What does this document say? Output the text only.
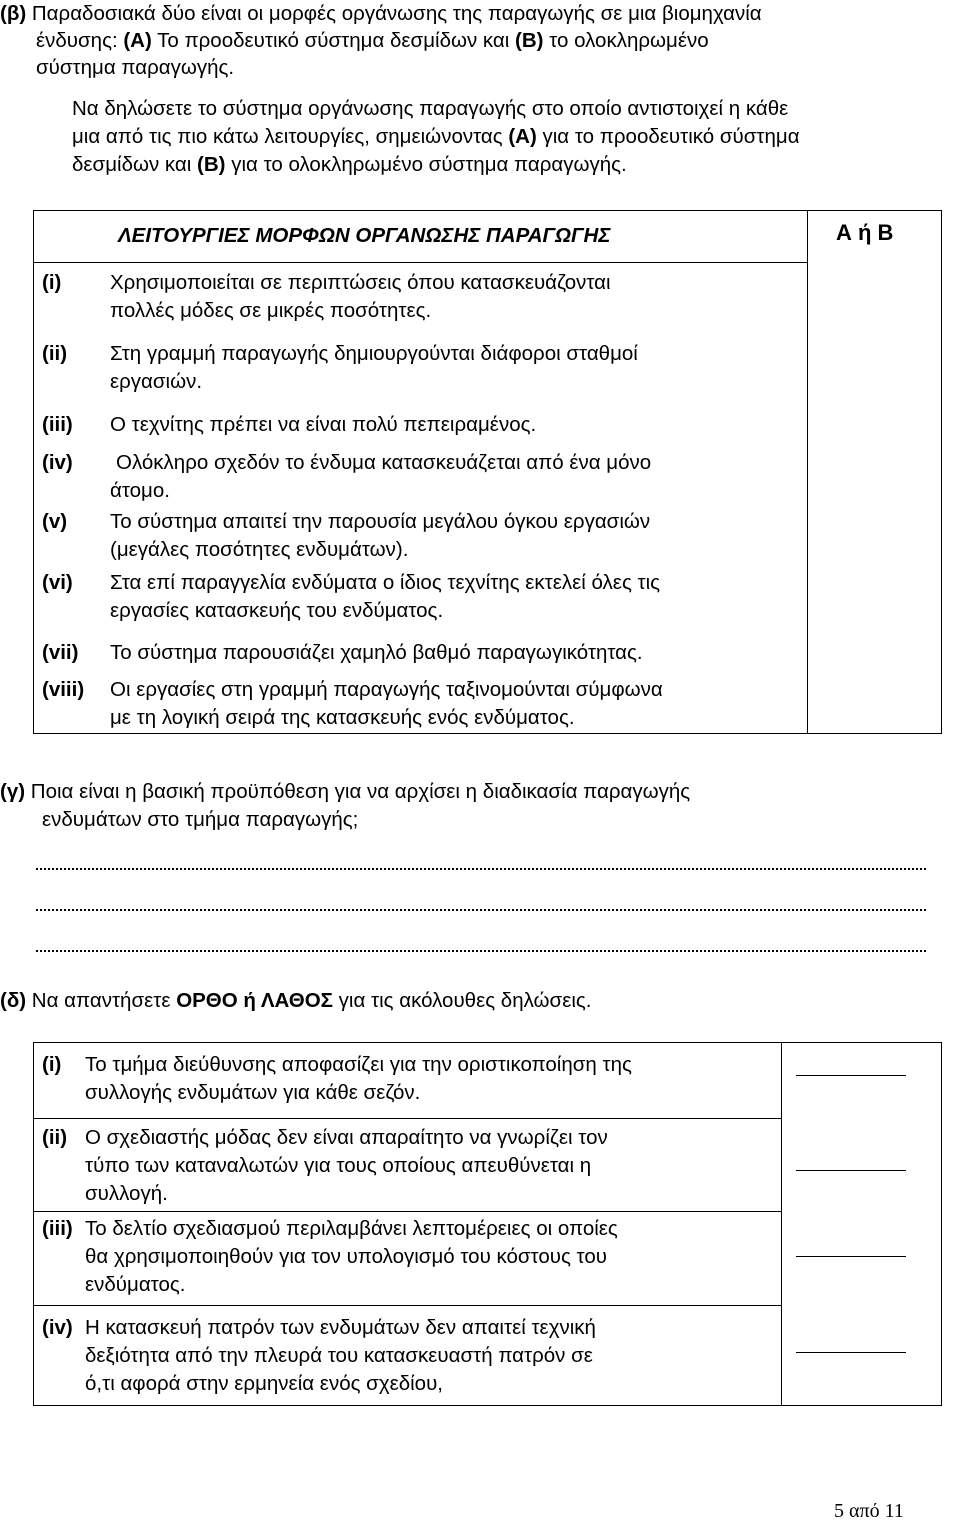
(β) Παραδοσιακά δύο είναι οι μορφές οργάνωσης της παραγωγής σε μια βιομηχανία
ένδυσης: (Α) Το προοδευτικό σύστημα δεσμίδων και (Β) το ολοκληρωμένο
σύστημα παραγωγής.
Να δηλώσετε το σύστημα οργάνωσης παραγωγής στο οποίο αντιστοιχεί η κάθε
μια από τις πιο κάτω λειτουργίες, σημειώνοντας (Α) για το προοδευτικό σύστημα
δεσμίδων και (Β) για το ολοκληρωμένο σύστημα παραγωγής.
ΛΕΙΤΟΥΡΓΙΕΣ ΜΟΡΦΩΝ ΟΡΓΑΝΩΣΗΣ ΠΑΡΑΓΩΓΗΣ	Α ή Β
(i) Χρησιμοποιείται σε περιπτώσεις όπου κατασκευάζονται
πολλές μόδες σε μικρές ποσότητες.
(ii) Στη γραμμή παραγωγής δημιουργούνται διάφοροι σταθμοί
εργασιών.
(iii) Ο τεχνίτης πρέπει να είναι πολύ πεπειραμένος.
(iv) Ολόκληρο σχεδόν το ένδυμα κατασκευάζεται από ένα μόνο
άτομο.
(v) Το σύστημα απαιτεί την παρουσία μεγάλου όγκου εργασιών
(μεγάλες ποσότητες ενδυμάτων).
(vi) Στα επί παραγγελία ενδύματα ο ίδιος τεχνίτης εκτελεί όλες τις
εργασίες κατασκευής του ενδύματος.
(vii) Το σύστημα παρουσιάζει χαμηλό βαθμό παραγωγικότητας.
(viii) Οι εργασίες στη γραμμή παραγωγής ταξινομούνται σύμφωνα
με τη λογική σειρά της κατασκευής ενός ενδύματος.
(γ) Ποια είναι η βασική προϋπόθεση για να αρχίσει η διαδικασία παραγωγής
ενδυμάτων στο τμήμα παραγωγής;
(δ) Να απαντήσετε ΟΡΘΟ ή ΛΑΘΟΣ για τις ακόλουθες δηλώσεις.
(i) Το τμήμα διεύθυνσης αποφασίζει για την οριστικοποίηση της
συλλογής ενδυμάτων για κάθε σεζόν.
(ii) Ο σχεδιαστής μόδας δεν είναι απαραίτητο να γνωρίζει τον
τύπο των καταναλωτών για τους οποίους απευθύνεται η
συλλογή.
(iii) Το δελτίο σχεδιασμού περιλαμβάνει λεπτομέρειες οι οποίες
θα χρησιμοποιηθούν για τον υπολογισμό του κόστους του
ενδύματος.
(iv) Η κατασκευή πατρόν των ενδυμάτων δεν απαιτεί τεχνική
δεξιότητα από την πλευρά του κατασκευαστή πατρόν σε
ό,τι αφορά στην ερμηνεία ενός σχεδίου,
5 από 11
